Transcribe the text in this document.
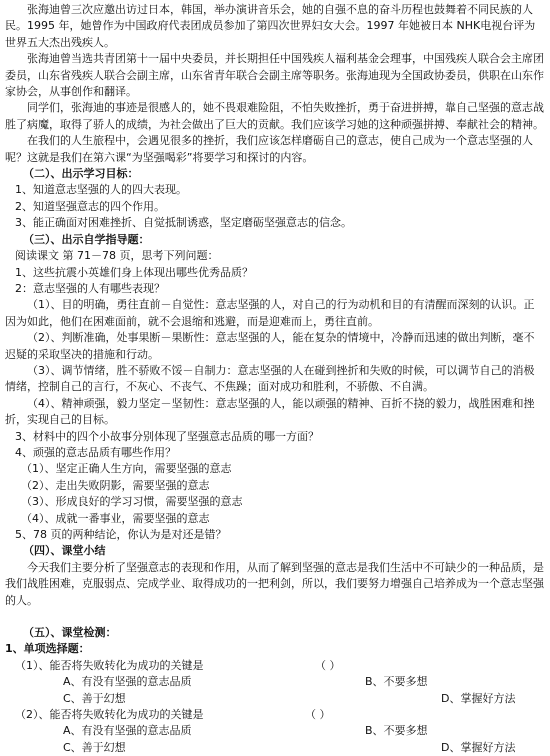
张海迪曾三次应邀出访过日本，韩国，举办演讲音乐会，她的自强不息的奋斗历程也鼓舞着不同民族的人民。1995 年，她曾作为中国政府代表团成员参加了第四次世界妇女大会。1997 年她被日本 NHK电视台评为世界五大杰出残疾人。

张海迪曾当选共青团第十一届中央委员，并长期担任中国残疾人福利基金会理事，中国残疾人联合会主席团委员，山东省残疾人联合会副主席，山东省青年联合会副主席等职务。张海迪现为全国政协委员，供职在山东作家协会，从事创作和翻译。

同学们，张海迪的事迹是很感人的，她不畏艰难险阻，不怕失败挫折，勇于奋进拼搏，靠自己坚强的意志战胜了病魔，取得了骄人的成绩，为社会做出了巨大的贡献。我们应该学习她的这种顽强拼搏、奉献社会的精神。

在我们的人生旅程中，会遇见很多的挫折，我们应该怎样磨砺自己的意志，使自己成为一个意志坚强的人呢？这就是我们在第六课“为坚强喝彩”将要学习和探讨的内容。

（二）、出示学习目标：

1、知道意志坚强的人的四大表现。

2、知道坚强意志的四个作用。

3、能正确面对困难挫折、自觉抵制诱惑，坚定磨砺坚强意志的信念。

（三）、出示自学指导题：

阅读课文 第 71－78 页，思考下列问题：

1、这些抗震小英雄们身上体现出哪些优秀品质？

2：意志坚强的人有哪些表现？

（1）、目的明确，勇往直前－自觉性：意志坚强的人，对自己的行为动机和目的有清醒而深刻的认识。正因为如此，他们在困难面前，就不会退缩和逃避，而是迎难而上，勇往直前。

（2）、判断准确，处事果断－果断性：意志坚强的人，能在复杂的情境中，冷静而迅速的做出判断，毫不迟疑的采取坚决的措施和行动。

（3）、调节情绪，胜不骄败不馁－自制力：意志坚强的人在碰到挫折和失败的时候，可以调节自己的消极情绪，控制自己的言行，不灰心、不丧气、不焦躁；面对成功和胜利，不骄傲、不自满。

（4）、精神顽强，毅力坚定－坚韧性：意志坚强的人，能以顽强的精神、百折不挠的毅力，战胜困难和挫折，实现自己的目标。

3、材料中的四个小故事分别体现了坚强意志品质的哪一方面？

4、顽强的意志品质有哪些作用？

（1）、坚定正确人生方向，需要坚强的意志

（2）、走出失败阴影，需要坚强的意志

（3）、形成良好的学习习惯，需要坚强的意志

（4）、成就一番事业，需要坚强的意志

5、78 页的两种结论，你认为是对还是错？

（四）、课堂小结

今天我们主要分析了坚强意志的表现和作用，从而了解到坚强的意志是我们生活中不可缺少的一种品质，是我们战胜困难，克服弱点、完成学业、取得成功的一把利剑，所以，我们要努力增强自己培养成为一个意志坚强的人。

（五）、课堂检测：

1、单项选择题：

（1）、能否将失败转化为成功的关键是	（ ）
A、有没有坚强的意志品质	B、不要多想
C、善于幻想	D、掌握好方法
（2）、能否将失败转化为成功的关键是	（ ）
A、有没有坚强的意志品质	B、不要多想
C、善于幻想	D、掌握好方法
